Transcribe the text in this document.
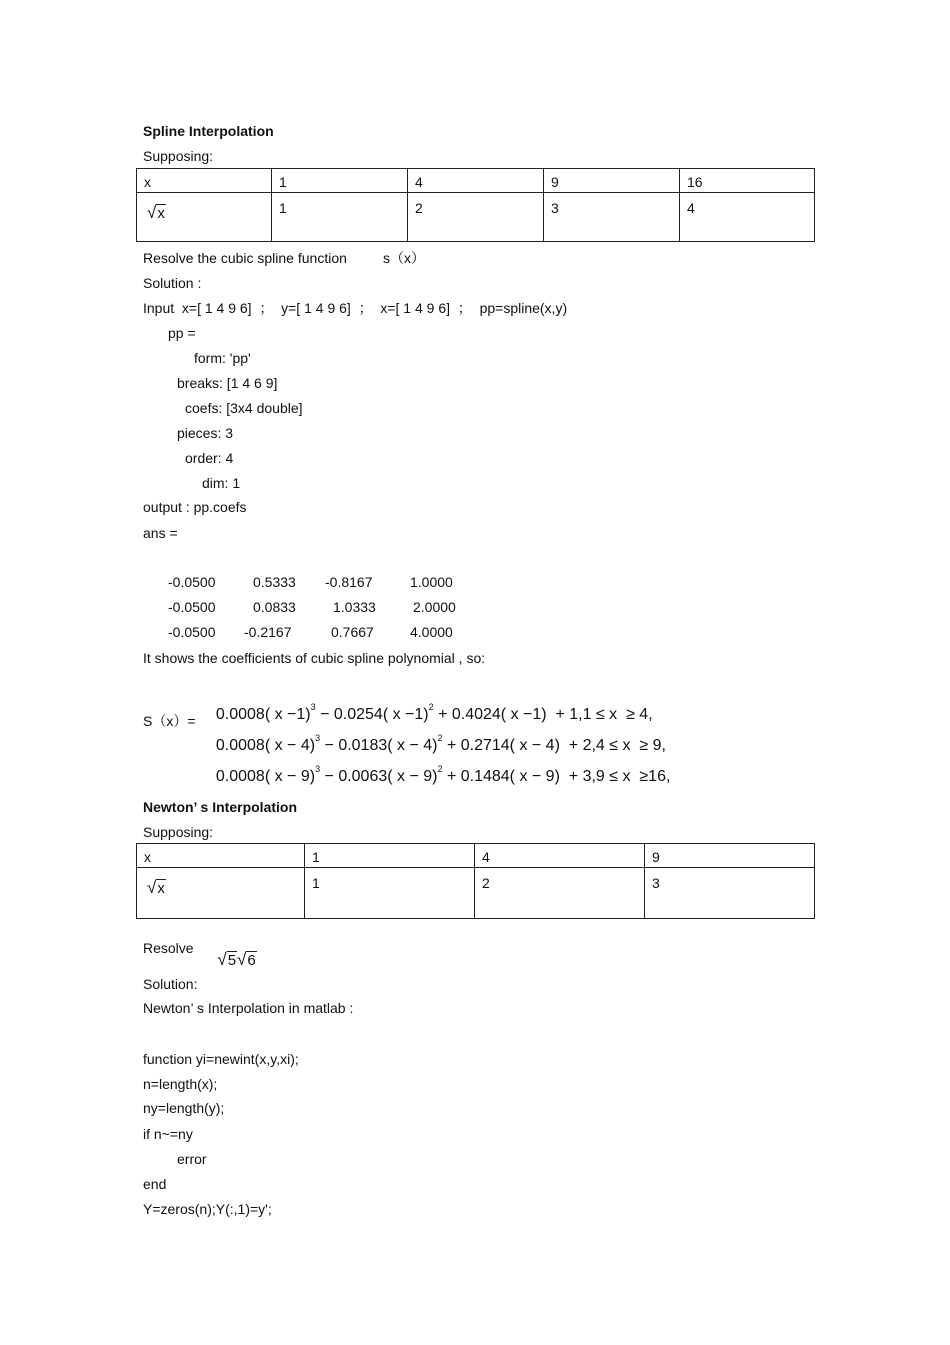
Spline Interpolation
Supposing:
x	1	4	9	16
√x	1	2	3	4
Resolve the cubic spline function	s（x）
Solution :
Input  x=[ 1 4 9 6]  ；  y=[ 1 4 9 6]  ；  x=[ 1 4 9 6]  ；  pp=spline(x,y)
pp =
form: 'pp'
breaks: [1 4 6 9]
coefs: [3x4 double]
pieces: 3
order: 4
dim: 1
output : pp.coefs
ans =
-0.0500	0.5333 -0.8167	1.0000
-0.0500	0.0833	1.0333	2.0000
-0.0500 -0.2167	0.7667	4.0000
It shows the coefficients of cubic spline polynomial , so:
S（x）=	0.0008( x −1)$^3$ − 0.0254( x −1)$^2$ + 0.4024( x −1)  + 1,1 ≤ x  ≥ 4,

0.0008( x − 4)$^3$ − 0.0183( x − 4)$^2$ + 0.2714( x − 4)  + 2,4 ≤ x  ≥ 9,

0.0008( x − 9)$^3$ − 0.0063( x − 9)$^2$ + 0.1484( x − 9)  + 3,9 ≤ x  ≥16,

Newton’ s Interpolation
Supposing:
x	1	4	9
√x	1	2	3
Resolve

√5√6

Solution:
Newton’ s Interpolation in matlab :
function yi=newint(x,y,xi);
n=length(x);
ny=length(y);
if n~=ny
error
end
Y=zeros(n);Y(:,1)=y';
